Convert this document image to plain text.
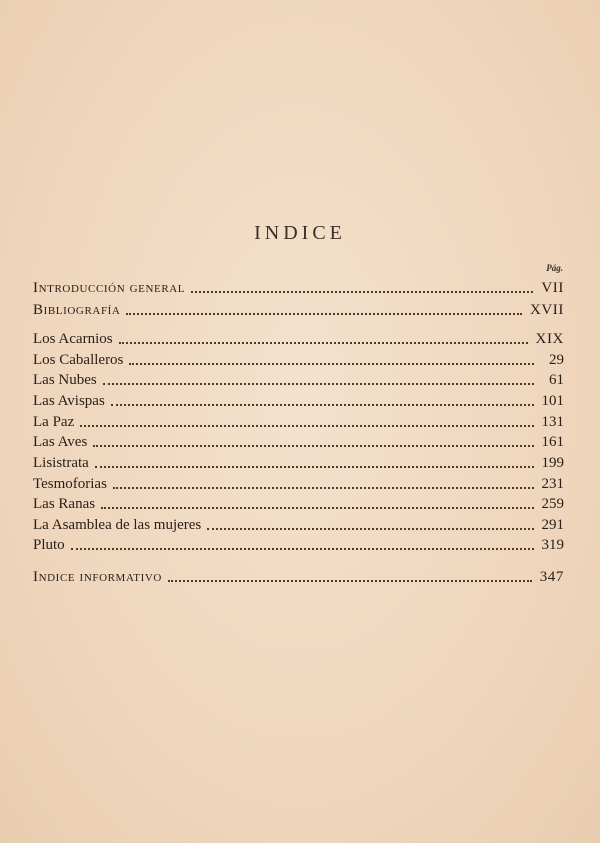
INDICE
Pág.
Introducción general	VII
Bibliografía	XVII
Los Acarnios	XIX
Los Caballeros	29
Las Nubes	61
Las Avispas	101
La Paz	131
Las Aves	161
Lisistrata	199
Tesmoforias	231
Las Ranas	259
La Asamblea de las mujeres	291
Pluto	319
Indice informativo	347
